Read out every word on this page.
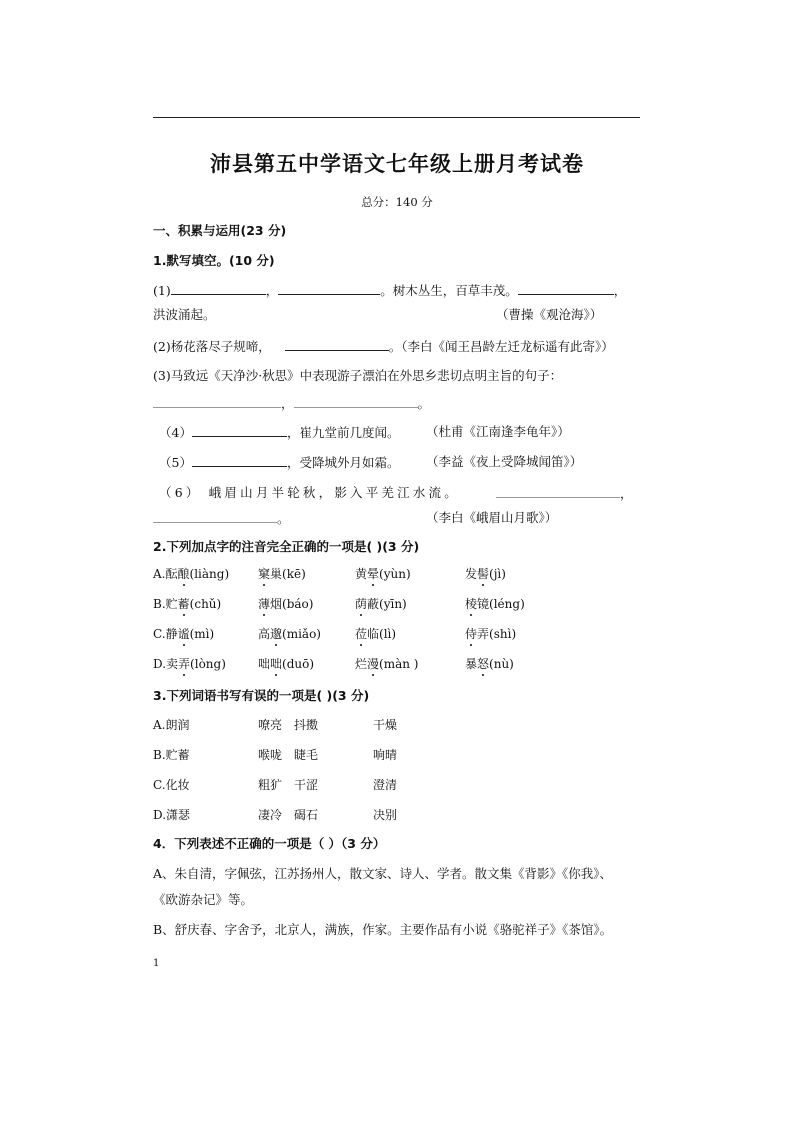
沛县第五中学语文七年级上册月考试卷
总分：140 分
一、积累与运用(23 分)
1.默写填空。(10 分)
(1)	，	。树木丛生，百草丰茂。	，
洪波涌起。	（曹操《观沧海》）
(2)杨花落尽子规啼，	。（李白《闻王昌龄左迁龙标遥有此寄》）
(3)马致远《天净沙·秋思》中表现游子漂泊在外思乡悲切点明主旨的句子：
，	。
（4）	，崔九堂前几度闻。 （杜甫《江南逢李龟年》）
（5）	，受降城外月如霜。 （李益《夜上受降城闻笛》）
（6） 峨眉山月半轮秋，影入平羌江水流。	，
。	（李白《峨眉山月歌》）
2.下列加点字的注音完全正确的一项是( )(3 分)
A.酝酿(liàng) 窠巢(kē)	黄晕(yùn)	发髻(jì)
B.贮蓄(chǔ)	薄烟(báo)	荫蔽(yīn)	棱镜(léng)
C.静谧(mì)	高邈(miǎo)	莅临(lì)	侍弄(shì)
D.卖弄(lòng)	咄咄(duō)	烂漫(màn )	暴怒(nù)
3.下列词语书写有误的一项是( )(3 分)
A.朗润	嘹亮 抖擞	干燥
B.贮蓄	喉咙 睫毛	响晴
C.化妆	粗犷 干涩	澄清
D.潇瑟	凄冷 碣石	决别
4．下列表述不正确的一项是（ ）（3 分）
A、朱自清，字佩弦，江苏扬州人，散文家、诗人、学者。散文集《背影》《你我》、
《欧游杂记》等。
B、舒庆春、字舍予，北京人，满族，作家。主要作品有小说《骆驼祥子》《茶馆》。
1
